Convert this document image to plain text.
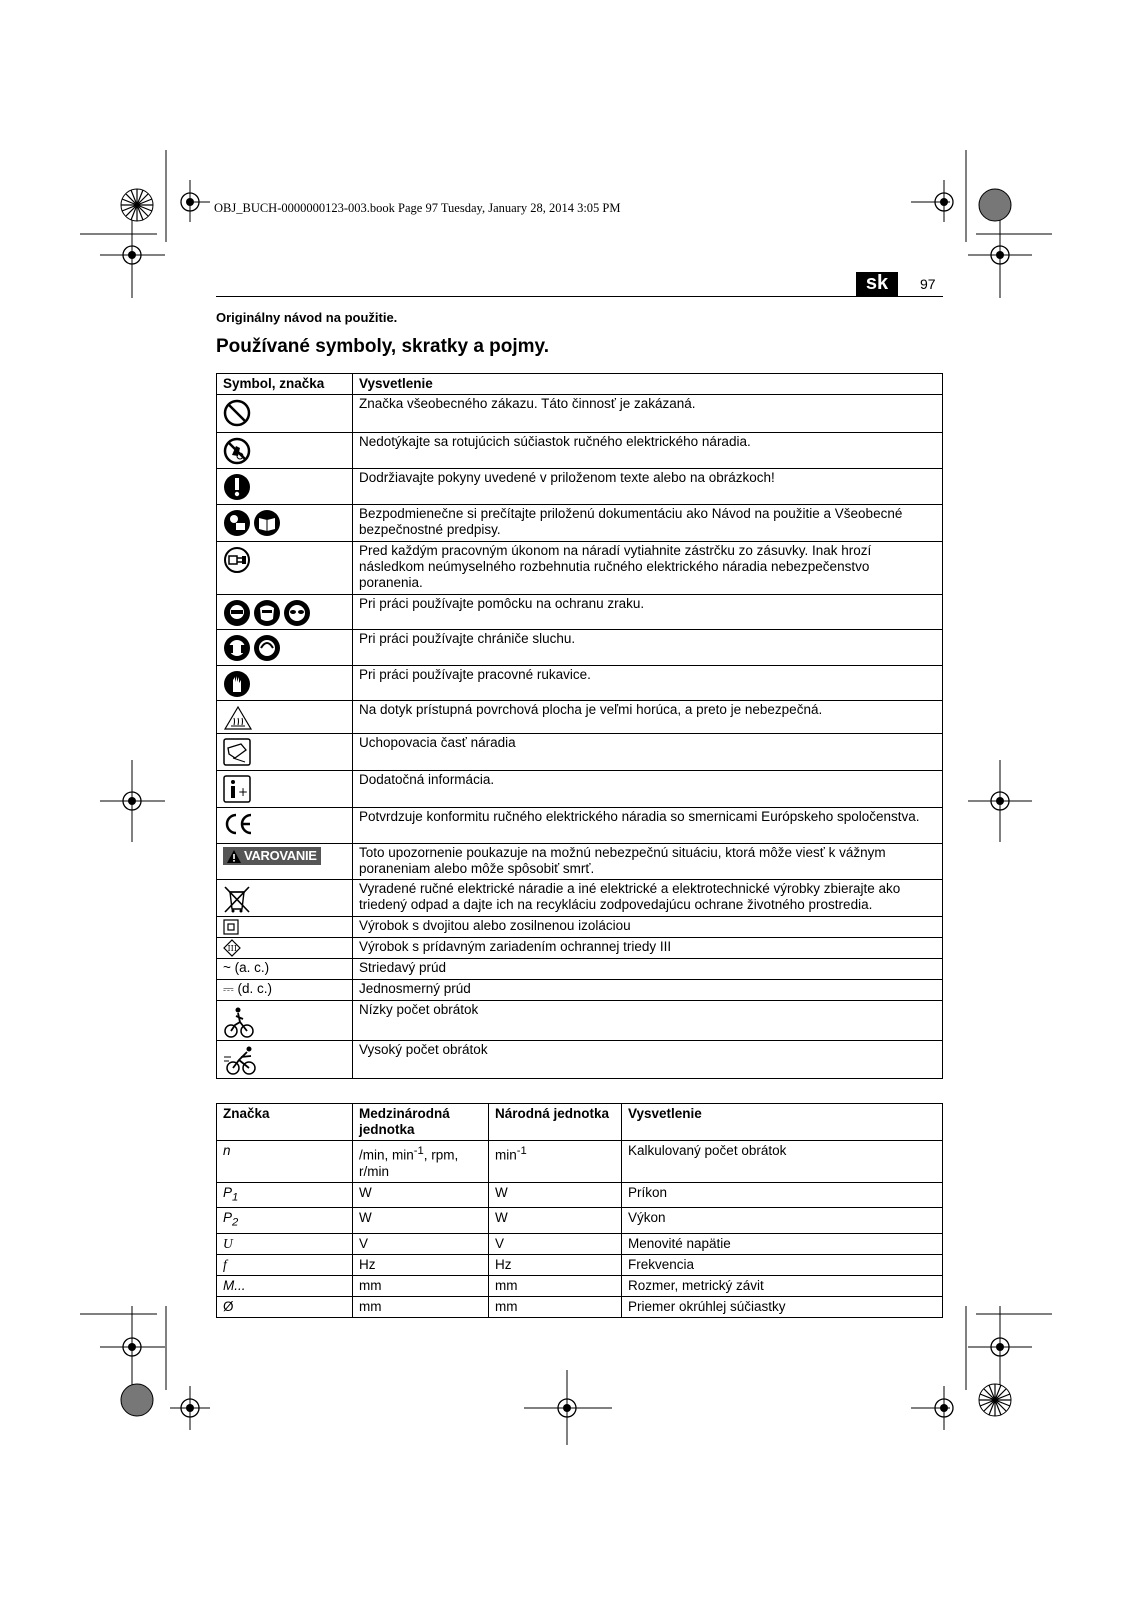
OBJ_BUCH-0000000123-003.book Page 97 Tuesday, January 28, 2014 3:05 PM
sk	97
Originálny návod na použitie.
Používané symboly, skratky a pojmy.
Symbol, značka	Vysvetlenie
	Značka všeobecného zákazu. Táto činnosť je zakázaná.
	Nedotýkajte sa rotujúcich súčiastok ručného elektrického náradia.
	Dodržiavajte pokyny uvedené v priloženom texte alebo na obrázkoch!
	Bezpodmienečne si prečítajte priloženú dokumentáciu ako Návod na použitie a Všeobecné bezpečnostné predpisy.
	Pred každým pracovným úkonom na náradí vytiahnite zástrčku zo zásuvky. Inak hrozí následkom neúmyselného rozbehnutia ručného elektrického náradia nebezpečenstvo poranenia.
	Pri práci používajte pomôcku na ochranu zraku.
	Pri práci používajte chrániče sluchu.
	Pri práci používajte pracovné rukavice.
	Na dotyk prístupná povrchová plocha je veľmi horúca, a preto je nebezpečná.
	Uchopovacia časť náradia

+	Dodatočná informácia.
	Potvrdzuje konformitu ručného elektrického náradia so smernicami Európskeho spoločenstva.

VAROVANIE	Toto upozornenie poukazuje na možnú nebezpečnú situáciu, ktorá môže viesť k vážnym poraneniam alebo môže spôsobiť smrť.
	Vyradené ručné elektrické náradie a iné elektrické a elektrotechnické výrobky zbierajte ako triedený odpad a dajte ich na recykláciu zodpovedajúcu ochrane životného prostredia.
	Výrobok s dvojitou alebo zosilnenou izoláciou

III	Výrobok s prídavným zariadením ochrannej triedy III
~ (a. c.)	Striedavý prúd
⎓ (d. c.)	Jednosmerný prúd
	Nízky počet obrátok
	Vysoký počet obrátok
Značka	Medzinárodná jednotka	Národná jednotka	Vysvetlenie
n	/min, $\min^{-1}$, rpm, r/min	$\min^{-1}$	Kalkulovaný počet obrátok
$P_1$	W	W	Príkon
$P_2$	W	W	Výkon
U	V	V	Menovité napätie
f	Hz	Hz	Frekvencia
M...	mm	mm	Rozmer, metrický závit
Ø	mm	mm	Priemer okrúhlej súčiastky
